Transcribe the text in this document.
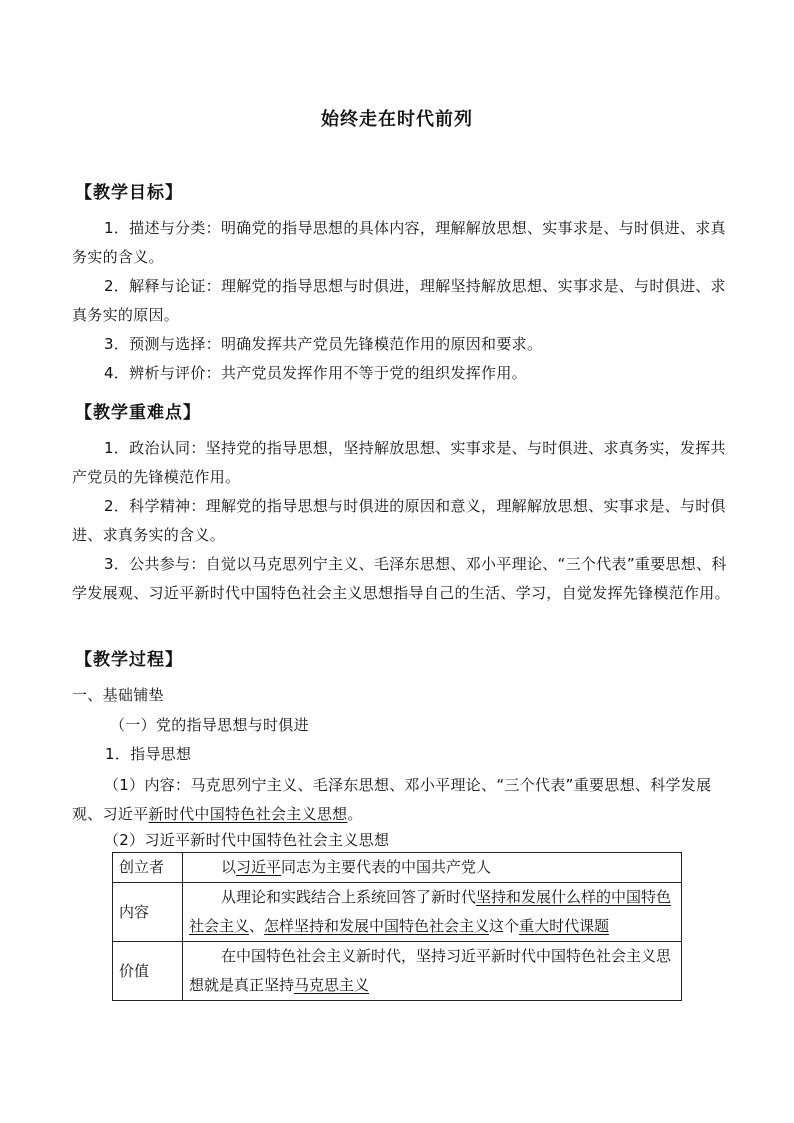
始终走在时代前列
【教学目标】

1．描述与分类：明确党的指导思想的具体内容，理解解放思想、实事求是、与时俱进、求真务实的含义。

2．解释与论证：理解党的指导思想与时俱进，理解坚持解放思想、实事求是、与时俱进、求真务实的原因。

3．预测与选择：明确发挥共产党员先锋模范作用的原因和要求。

4．辨析与评价：共产党员发挥作用不等于党的组织发挥作用。

【教学重难点】

1．政治认同：坚持党的指导思想，坚持解放思想、实事求是、与时俱进、求真务实，发挥共产党员的先锋模范作用。

2．科学精神：理解党的指导思想与时俱进的原因和意义，理解解放思想、实事求是、与时俱进、求真务实的含义。

3．公共参与：自觉以马克思列宁主义、毛泽东思想、邓小平理论、“三个代表”重要思想、科学发展观、习近平新时代中国特色社会主义思想指导自己的生活、学习，自觉发挥先锋模范作用。

【教学过程】
一、基础铺垫
（一）党的指导思想与时俱进
1．指导思想

（1）内容：马克思列宁主义、毛泽东思想、邓小平理论、“三个代表”重要思想、科学发展观、习近平新时代中国特色社会主义思想。

（2）习近平新时代中国特色社会主义思想
创立者	以习近平同志为主要代表的中国共产党人
内容	从理论和实践结合上系统回答了新时代坚持和发展什么样的中国特色社会主义、怎样坚持和发展中国特色社会主义这个重大时代课题
价值	在中国特色社会主义新时代，坚持习近平新时代中国特色社会主义思想就是真正坚持马克思主义
